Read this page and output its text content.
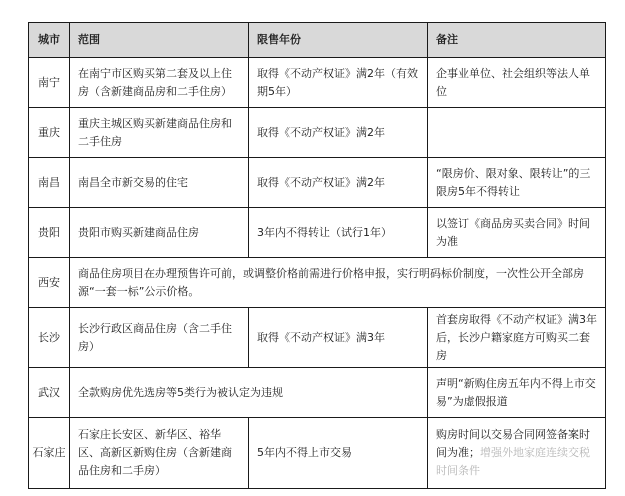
城市	范围	限售年份	备注
南宁	在南宁市区购买第二套及以上住房（含新建商品房和二手住房）	取得《不动产权证》满2年（有效期5年）	企事业单位、社会组织等法人单位
重庆	重庆主城区购买新建商品住房和二手住房	取得《不动产权证》满2年	
南昌	南昌全市新交易的住宅	取得《不动产权证》满2年	“限房价、限对象、限转让”的三限房5年不得转让
贵阳	贵阳市购买新建商品住房	3年内不得转让（试行1年）	以签订《商品房买卖合同》时间为准
西安	商品住房项目在办理预售许可前，或调整价格前需进行价格申报，实行明码标价制度，一次性公开全部房源“一套一标”公示价格。		
长沙	长沙行政区商品住房（含二手住房）	取得《不动产权证》满3年	首套房取得《不动产权证》满3年后，长沙户籍家庭方可购买二套房
武汉	全款购房优先选房等5类行为被认定为违规		声明“新购住房五年内不得上市交易”为虚假报道
石家庄	石家庄长安区、新华区、裕华区、高新区新购住房（含新建商品住房和二手房）	5年内不得上市交易	购房时间以交易合同网签备案时间为准；增强外地家庭连续交税时间条件
